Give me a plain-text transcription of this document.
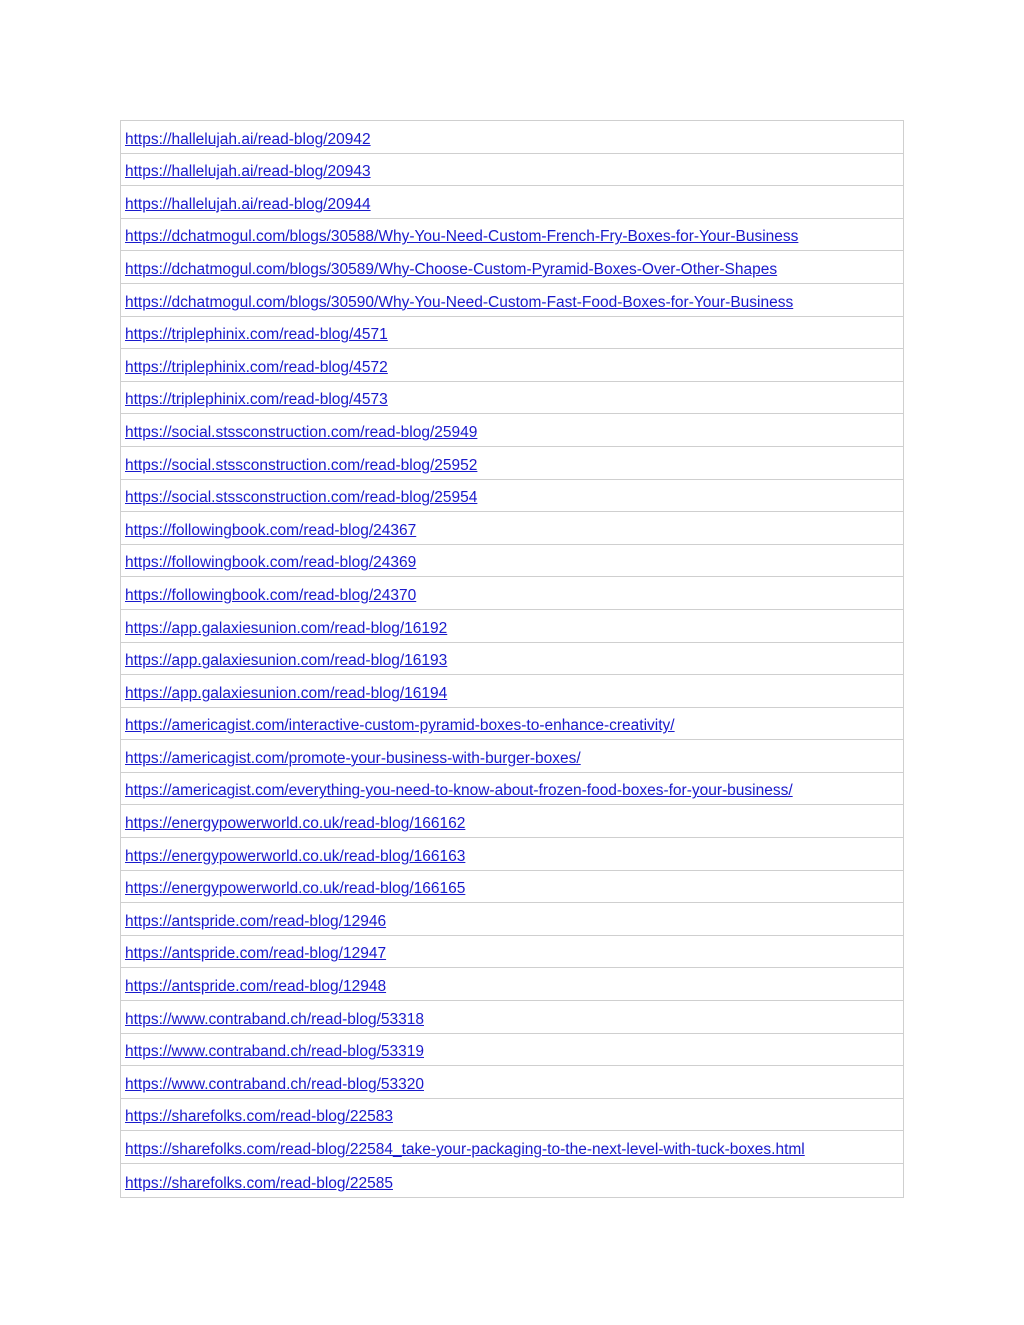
https://hallelujah.ai/read-blog/20942
https://hallelujah.ai/read-blog/20943
https://hallelujah.ai/read-blog/20944
https://dchatmogul.com/blogs/30588/Why-You-Need-Custom-French-Fry-Boxes-for-Your-Business
https://dchatmogul.com/blogs/30589/Why-Choose-Custom-Pyramid-Boxes-Over-Other-Shapes
https://dchatmogul.com/blogs/30590/Why-You-Need-Custom-Fast-Food-Boxes-for-Your-Business
https://triplephinix.com/read-blog/4571
https://triplephinix.com/read-blog/4572
https://triplephinix.com/read-blog/4573
https://social.stssconstruction.com/read-blog/25949
https://social.stssconstruction.com/read-blog/25952
https://social.stssconstruction.com/read-blog/25954
https://followingbook.com/read-blog/24367
https://followingbook.com/read-blog/24369
https://followingbook.com/read-blog/24370
https://app.galaxiesunion.com/read-blog/16192
https://app.galaxiesunion.com/read-blog/16193
https://app.galaxiesunion.com/read-blog/16194
https://americagist.com/interactive-custom-pyramid-boxes-to-enhance-creativity/
https://americagist.com/promote-your-business-with-burger-boxes/
https://americagist.com/everything-you-need-to-know-about-frozen-food-boxes-for-your-business/
https://energypowerworld.co.uk/read-blog/166162
https://energypowerworld.co.uk/read-blog/166163
https://energypowerworld.co.uk/read-blog/166165
https://antspride.com/read-blog/12946
https://antspride.com/read-blog/12947
https://antspride.com/read-blog/12948
https://www.contraband.ch/read-blog/53318
https://www.contraband.ch/read-blog/53319
https://www.contraband.ch/read-blog/53320
https://sharefolks.com/read-blog/22583
https://sharefolks.com/read-blog/22584_take-your-packaging-to-the-next-level-with-tuck-boxes.html
https://sharefolks.com/read-blog/22585
